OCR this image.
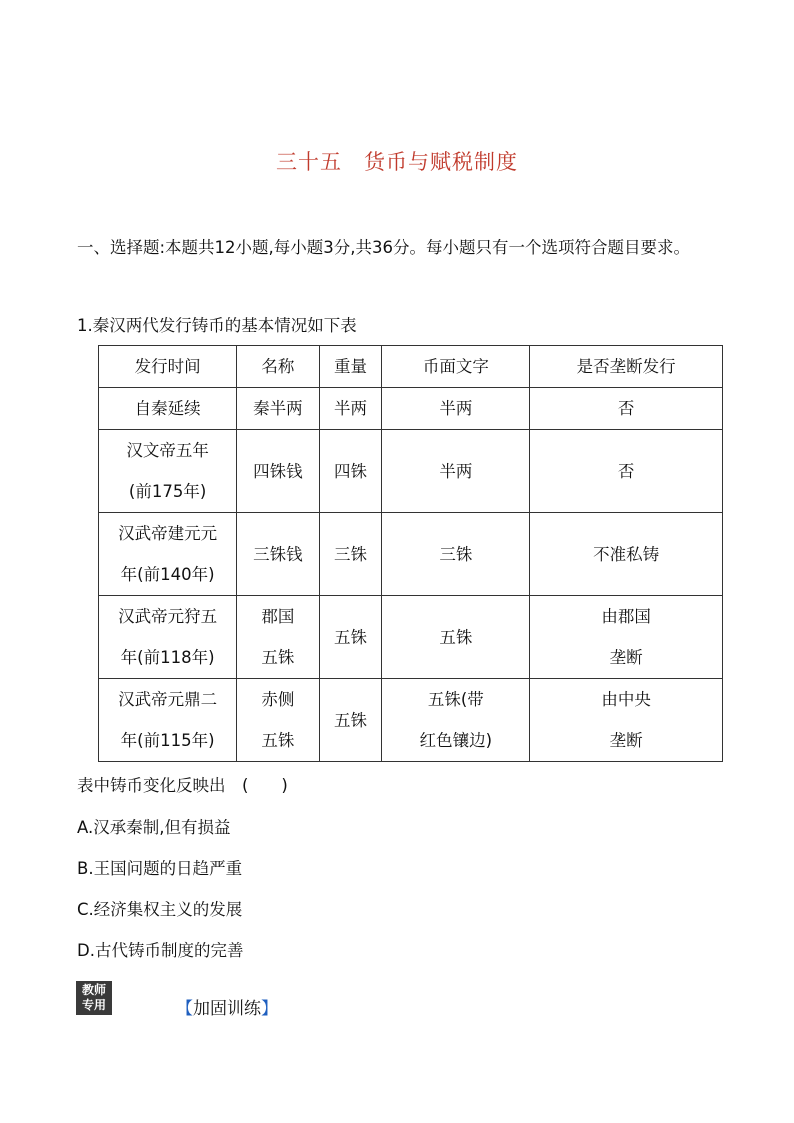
三十五　货币与赋税制度
一、选择题:本题共12小题,每小题3分,共36分。每小题只有一个选项符合题目要求。
1.秦汉两代发行铸币的基本情况如下表
发行时间	名称	重量	币面文字	是否垄断发行

自秦延续	秦半两	半两	半两	否

汉文帝五年
(前175年)	四铢钱	四铢	半两	否

汉武帝建元元
年(前140年)	三铢钱	三铢	三铢	不准私铸

汉武帝元狩五
年(前118年)	郡国
五铢	五铢	五铢	由郡国
垄断

汉武帝元鼎二
年(前115年)	赤侧
五铢	五铢	五铢(带
红色镶边)	由中央
垄断
表中铸币变化反映出　(　　)
A.汉承秦制,但有损益
B.王国问题的日趋严重
C.经济集权主义的发展
D.古代铸币制度的完善
教师
专用	【加固训练】
